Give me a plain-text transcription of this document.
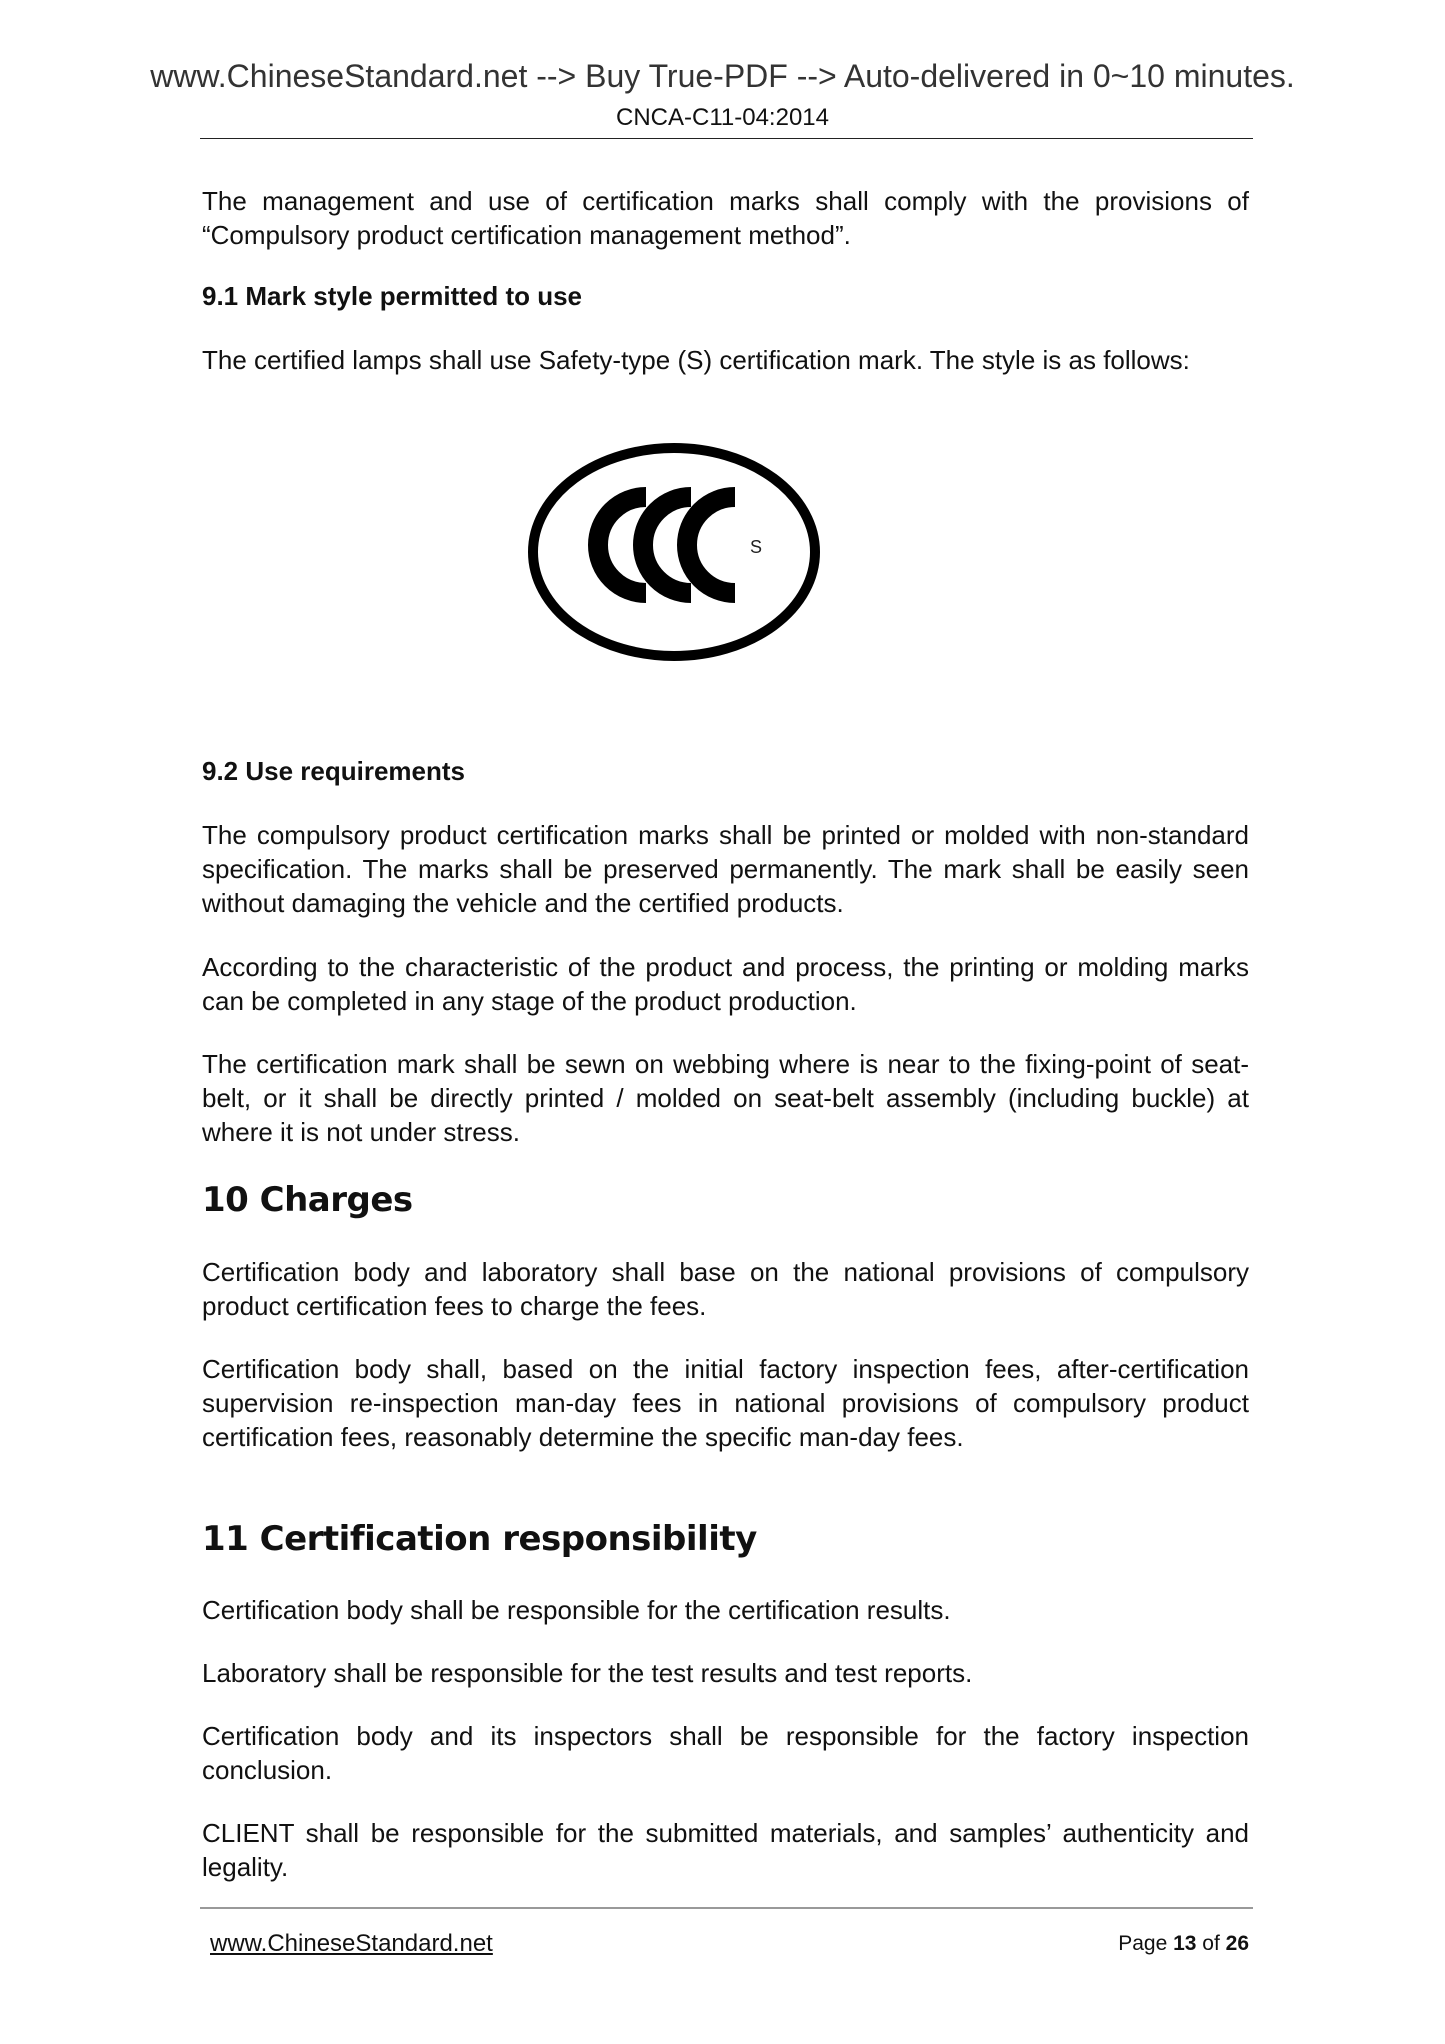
www.ChineseStandard.net --> Buy True-PDF --> Auto-delivered in 0~10 minutes.
CNCA-C11-04:2014
The management and use of certification marks shall comply with the provisions of “Compulsory product certification management method”.
9.1 Mark style permitted to use
The certified lamps shall use Safety-type (S) certification mark. The style is as follows:
S
9.2 Use requirements
The compulsory product certification marks shall be printed or molded with non-standard specification. The marks shall be preserved permanently. The mark shall be easily seen without damaging the vehicle and the certified products.
According to the characteristic of the product and process, the printing or molding marks can be completed in any stage of the product production.
The certification mark shall be sewn on webbing where is near to the fixing-point of seat-belt, or it shall be directly printed / molded on seat-belt assembly (including buckle) at where it is not under stress.
10 Charges
Certification body and laboratory shall base on the national provisions of compulsory product certification fees to charge the fees.
Certification body shall, based on the initial factory inspection fees, after-certification supervision re-inspection man-day fees in national provisions of compulsory product certification fees, reasonably determine the specific man-day fees.
11 Certification responsibility
Certification body shall be responsible for the certification results.
Laboratory shall be responsible for the test results and test reports.
Certification body and its inspectors shall be responsible for the factory inspection conclusion.
CLIENT shall be responsible for the submitted materials, and samples’ authenticity and legality.
www.ChineseStandard.net	Page 13 of 26
